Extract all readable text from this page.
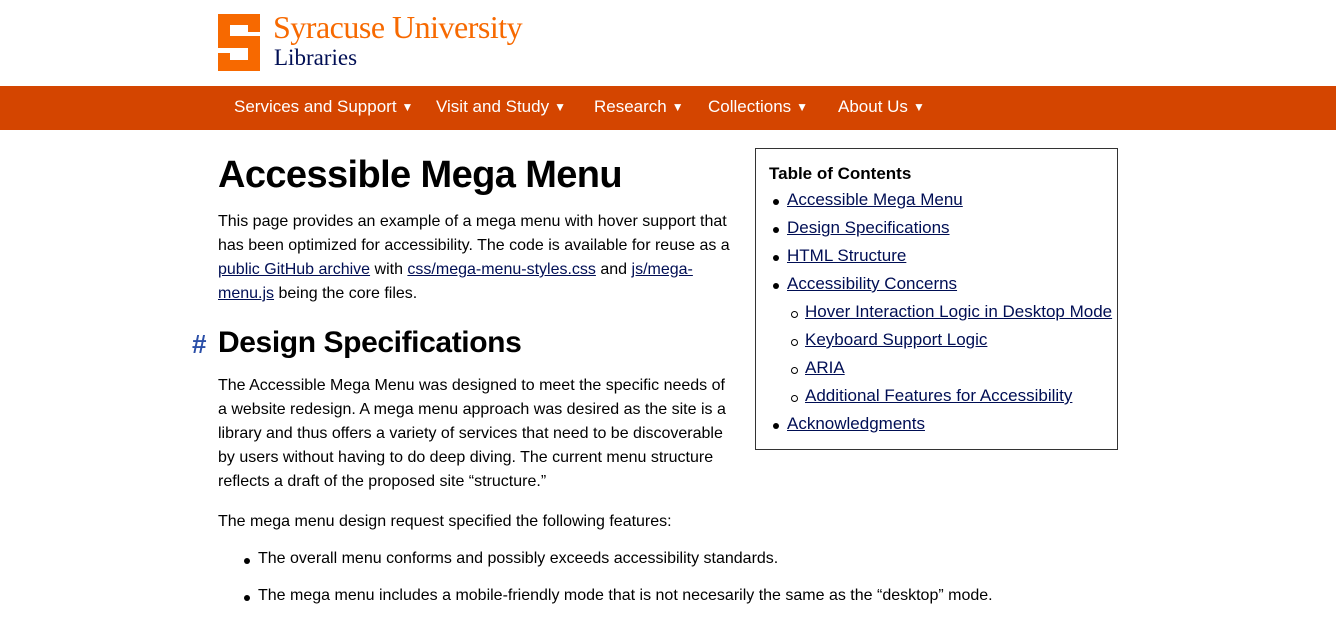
Syracuse University
Libraries
Services and Support ▼ Visit and Study ▼ Research ▼ Collections ▼ About Us ▼
Accessible Mega Menu

This page provides an example of a mega menu with hover support that has been optimized for accessibility. The code is available for reuse as a public GitHub archive with css/mega-menu-styles.css and js/mega-menu.js being the core files.

# Design Specifications

The Accessible Mega Menu was designed to meet the specific needs of a website redesign. A mega menu approach was desired as the site is a library and thus offers a variety of services that need to be discoverable by users without having to do deep diving. The current menu structure reflects a draft of the proposed site “structure.”

The mega menu design request specified the following features:

The overall menu conforms and possibly exceeds accessibility standards.
The mega menu includes a mobile-friendly mode that is not necesarily the same as the “desktop” mode.
Table of Contents
Accessible Mega Menu
Design Specifications
HTML Structure
Accessibility Concerns
Hover Interaction Logic in Desktop Mode
Keyboard Support Logic
ARIA
Additional Features for Accessibility
Acknowledgments
